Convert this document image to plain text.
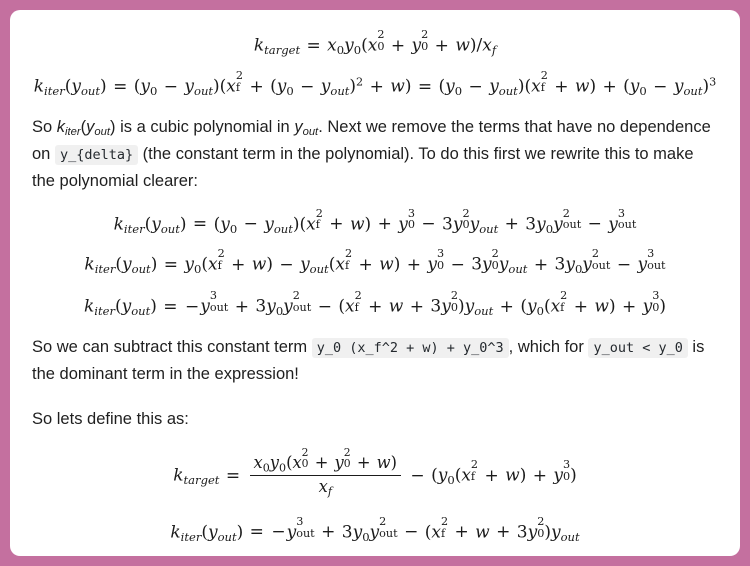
$k_{target} = x_0y_0(x$
2
0 + y
2
$0 + w)/x_f$
$k_{iter}(y_{out}) = (y_0 - y_{out})(x$
2
$f + (y_0 - y_{out})^2 + w) = (y_0 - y_{out})(x$
2
$f + w) + (y_0 - y_{out})^3$

So $k_{iter}(y_{out})$ is a cubic polynomial in $y_{out}$. Next we remove the terms that have no dependence on y_{delta} (the constant term in the polynomial). To do this first we rewrite this to make the polynomial clearer:

$k_{iter}(y_{out}) = (y_0 - y_{out})(x$
2
f + w) + y
3
0 − 3y
2
0 $y_{out} + 3y_0y$
2
out − y
3
out
$k_{iter}(y_{out}) = y_0(x$
2
$f + w) - y_{out}(x$
2
f + w) + y
3
0 − 3y
2
0 $y_{out} + 3y_0y$
2
out − y
3
out
$k_{iter}(y_{out}) = -y$
3
out + $3y_0y$
2
out − (x
2
f + w + 3y
2
0 )$y_{out} + (y_0(x$
2
f + w) + y
3
0 )

So we can subtract this constant term y_0 (x_f^2 + w) + y_0^3 , which for y_out < y_0 is the dominant term in the expression!

So lets define this as:

$k_{target} = x_0y_0(x$
2
0 + y
2
0 + w)
$x_f - (y_0(x$
2
f + w) + y
3
0 )
$k_{iter}(y_{out}) = -y$
3
out + $3y_0y$
2
out − (x
2
f + w + 3y
2
0 )$y_{out}$
